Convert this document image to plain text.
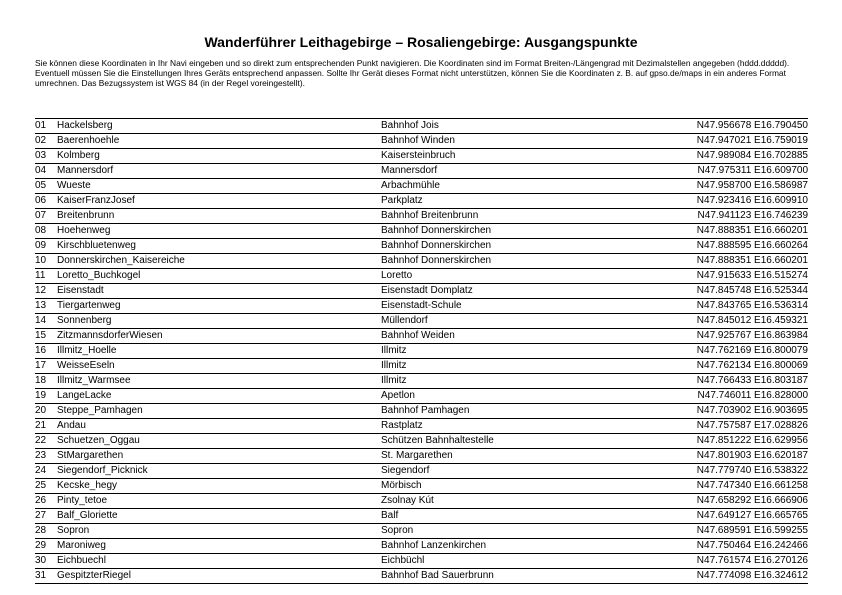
Wanderführer Leithagebirge – Rosaliengebirge: Ausgangspunkte

Sie können diese Koordinaten in Ihr Navi eingeben und so direkt zum entsprechenden Punkt navigieren. Die Koordinaten sind im Format Breiten-/Längengrad mit Dezimalstellen angegeben (hddd.ddddd).

Eventuell müssen Sie die Einstellungen Ihres Geräts entsprechend anpassen. Sollte Ihr Gerät dieses Format nicht unterstützen, können Sie die Koordinaten z. B. auf gpso.de/maps in ein anderes Format umrechnen. Das Bezugssystem ist WGS 84 (in der Regel voreingestellt).

01 Hackelsberg	Bahnhof Jois	N47.956678 E16.790450
02 Baerenhoehle	Bahnhof Winden	N47.947021 E16.759019
03 Kolmberg	Kaisersteinbruch	N47.989084 E16.702885
04 Mannersdorf	Mannersdorf	N47.975311 E16.609700
05 Wueste	Arbachmühle	N47.958700 E16.586987
06 KaiserFranzJosef	Parkplatz	N47.923416 E16.609910
07 Breitenbrunn	Bahnhof Breitenbrunn	N47.941123 E16.746239
08 Hoehenweg	Bahnhof Donnerskirchen	N47.888351 E16.660201
09 Kirschbluetenweg	Bahnhof Donnerskirchen	N47.888595 E16.660264
10 Donnerskirchen_Kaisereiche	Bahnhof Donnerskirchen	N47.888351 E16.660201
11 Loretto_Buchkogel	Loretto	N47.915633 E16.515274
12 Eisenstadt	Eisenstadt Domplatz	N47.845748 E16.525344
13 Tiergartenweg	Eisenstadt-Schule	N47.843765 E16.536314
14 Sonnenberg	Müllendorf	N47.845012 E16.459321
15 ZitzmannsdorferWiesen	Bahnhof Weiden	N47.925767 E16.863984
16 Illmitz_Hoelle	Illmitz	N47.762169 E16.800079
17 WeisseEseln	Illmitz	N47.762134 E16.800069
18 Illmitz_Warmsee	Illmitz	N47.766433 E16.803187
19 LangeLacke	Apetlon	N47.746011 E16.828000
20 Steppe_Pamhagen	Bahnhof Pamhagen	N47.703902 E16.903695
21 Andau	Rastplatz	N47.757587 E17.028826
22 Schuetzen_Oggau	Schützen Bahnhaltestelle	N47.851222 E16.629956
23 StMargarethen	St. Margarethen	N47.801903 E16.620187
24 Siegendorf_Picknick	Siegendorf	N47.779740 E16.538322
25 Kecske_hegy	Mörbisch	N47.747340 E16.661258
26 Pinty_tetoe	Zsolnay Kút	N47.658292 E16.666906
27 Balf_Gloriette	Balf	N47.649127 E16.665765
28 Sopron	Sopron	N47.689591 E16.599255
29 Maroniweg	Bahnhof Lanzenkirchen	N47.750464 E16.242466
30 Eichbuechl	Eichbüchl	N47.761574 E16.270126
31 GespitzterRiegel	Bahnhof Bad Sauerbrunn	N47.774098 E16.324612
